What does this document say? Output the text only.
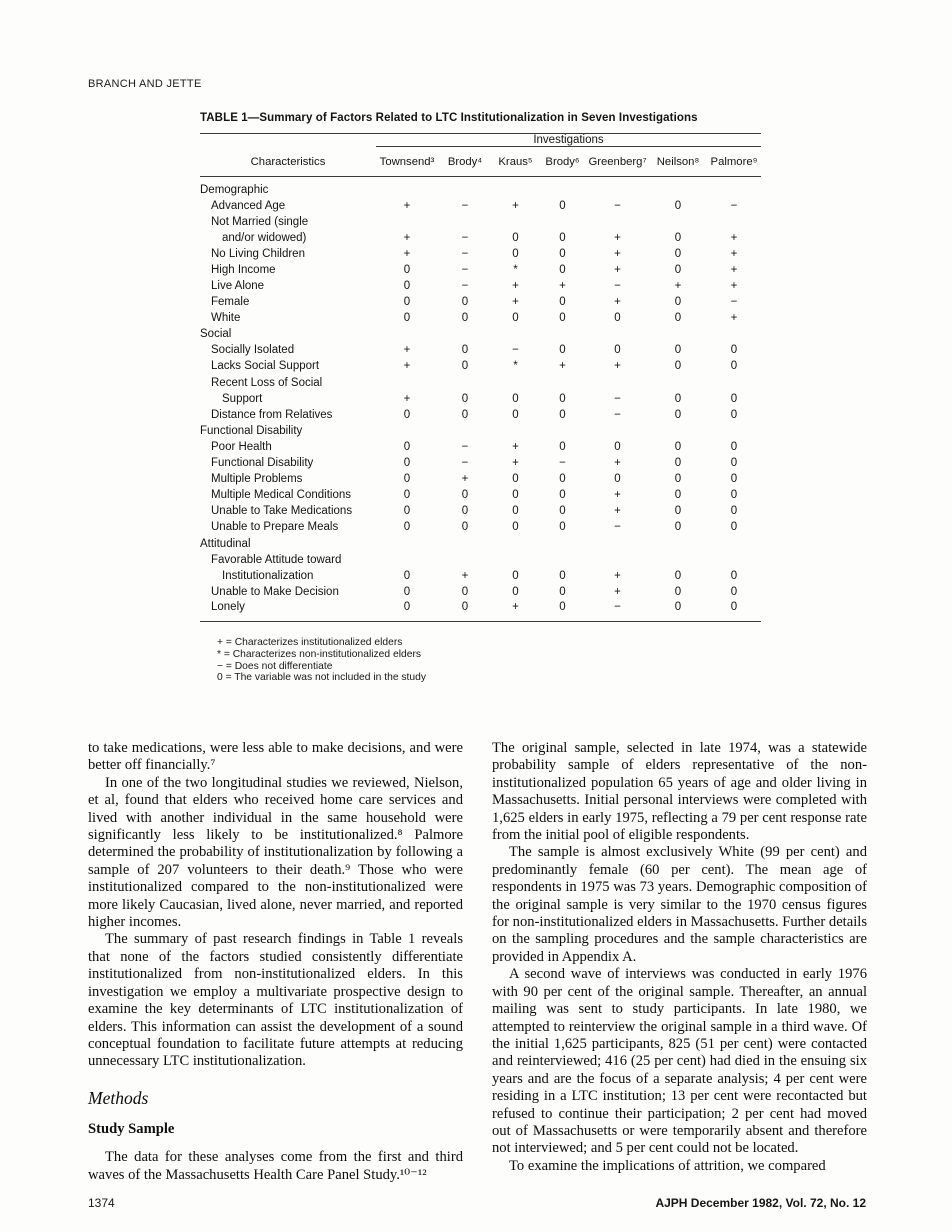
BRANCH AND JETTE
TABLE 1—Summary of Factors Related to LTC Institutionalization in Seven Investigations
	Investigations						
Characteristics	Townsend³	Brody⁴	Kraus⁵	Brody⁶	Greenberg⁷	Neilson⁸	Palmore⁹
Demographic							
Advanced Age	+	−	+	0	−	0	−
Not Married (single							
and/or widowed)	+	−	0	0	+	0	+
No Living Children	+	−	0	0	+	0	+
High Income	0	−	*	0	+	0	+
Live Alone	0	−	+	+	−	+	+
Female	0	0	+	0	+	0	−
White	0	0	0	0	0	0	+
Social							
Socially Isolated	+	0	−	0	0	0	0
Lacks Social Support	+	0	*	+	+	0	0
Recent Loss of Social							
Support	+	0	0	0	−	0	0
Distance from Relatives	0	0	0	0	−	0	0
Functional Disability							
Poor Health	0	−	+	0	0	0	0
Functional Disability	0	−	+	−	+	0	0
Multiple Problems	0	+	0	0	0	0	0
Multiple Medical Conditions	0	0	0	0	+	0	0
Unable to Take Medications	0	0	0	0	+	0	0
Unable to Prepare Meals	0	0	0	0	−	0	0
Attitudinal							
Favorable Attitude toward							
Institutionalization	0	+	0	0	+	0	0
Unable to Make Decision	0	0	0	0	+	0	0
Lonely	0	0	+	0	−	0	0
+ = Characterizes institutionalized elders
* = Characterizes non-institutionalized elders
− = Does not differentiate
0 = The variable was not included in the study

to take medications, were less able to make decisions, and were better off financially.⁷

In one of the two longitudinal studies we reviewed, Nielson, et al, found that elders who received home care services and lived with another individual in the same household were significantly less likely to be institutionalized.⁸ Palmore determined the probability of institutionalization by following a sample of 207 volunteers to their death.⁹ Those who were institutionalized compared to the non-institutionalized were more likely Caucasian, lived alone, never married, and reported higher incomes.

The summary of past research findings in Table 1 reveals that none of the factors studied consistently differentiate institutionalized from non-institutionalized elders. In this investigation we employ a multivariate prospective design to examine the key determinants of LTC institutionalization of elders. This information can assist the development of a sound conceptual foundation to facilitate future attempts at reducing unnecessary LTC institutionalization.

Methods
Study Sample

The data for these analyses come from the first and third waves of the Massachusetts Health Care Panel Study.¹⁰⁻¹²

The original sample, selected in late 1974, was a statewide probability sample of elders representative of the non-institutionalized population 65 years of age and older living in Massachusetts. Initial personal interviews were completed with 1,625 elders in early 1975, reflecting a 79 per cent response rate from the initial pool of eligible respondents.

The sample is almost exclusively White (99 per cent) and predominantly female (60 per cent). The mean age of respondents in 1975 was 73 years. Demographic composition of the original sample is very similar to the 1970 census figures for non-institutionalized elders in Massachusetts. Further details on the sampling procedures and the sample characteristics are provided in Appendix A.

A second wave of interviews was conducted in early 1976 with 90 per cent of the original sample. Thereafter, an annual mailing was sent to study participants. In late 1980, we attempted to reinterview the original sample in a third wave. Of the initial 1,625 participants, 825 (51 per cent) were contacted and reinterviewed; 416 (25 per cent) had died in the ensuing six years and are the focus of a separate analysis; 4 per cent were residing in a LTC institution; 13 per cent were recontacted but refused to continue their participation; 2 per cent had moved out of Massachusetts or were temporarily absent and therefore not interviewed; and 5 per cent could not be located.

To examine the implications of attrition, we compared

1374	AJPH December 1982, Vol. 72, No. 12
